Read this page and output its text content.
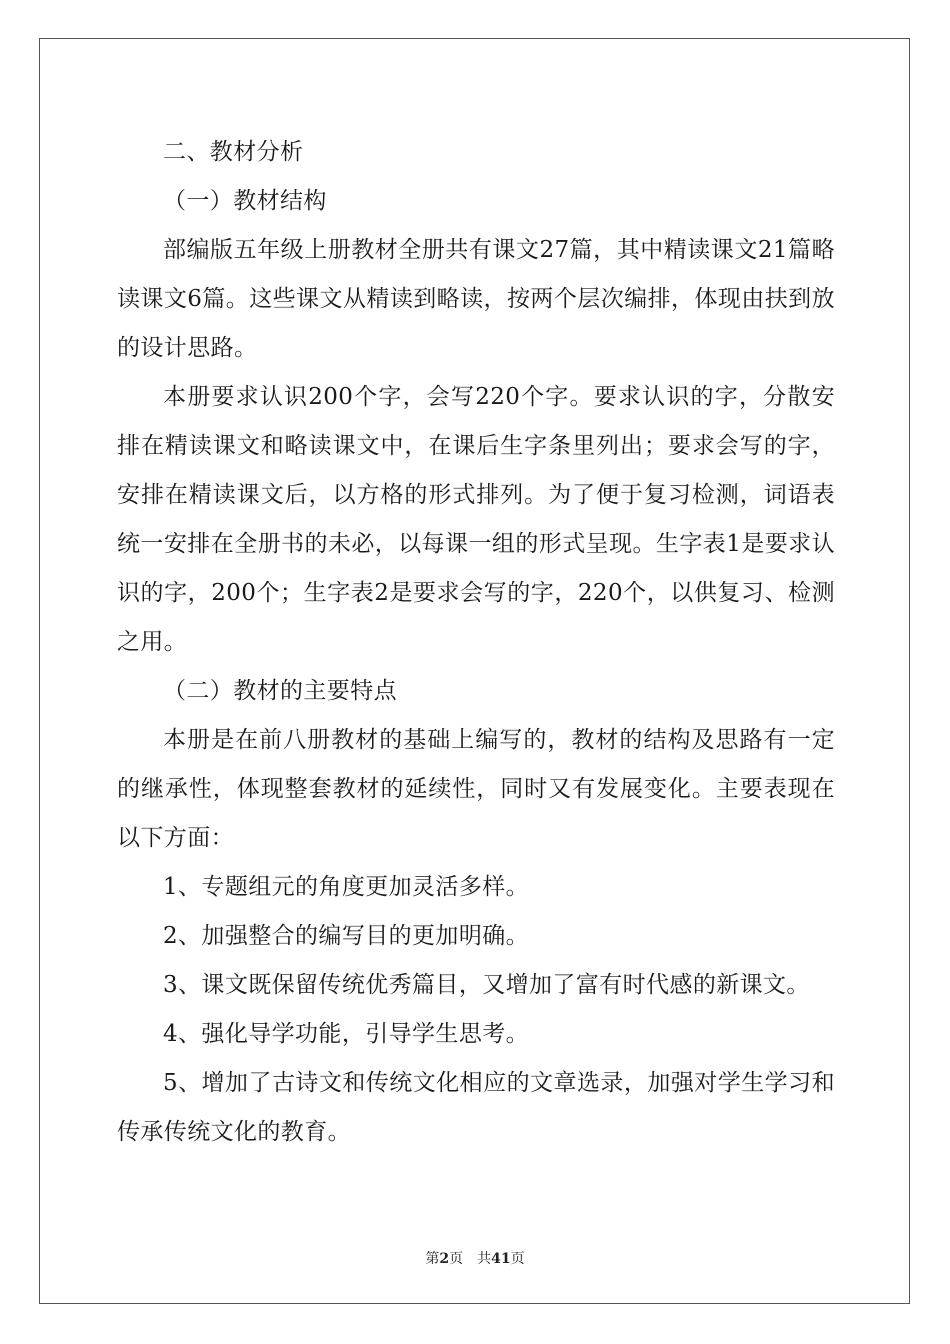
二、教材分析

（一）教材结构

部编版五年级上册教材全册共有课文27篇，其中精读课文21篇略读课文6篇。这些课文从精读到略读，按两个层次编排，体现由扶到放的设计思路。

本册要求认识200个字，会写220个字。要求认识的字，分散安排在精读课文和略读课文中，在课后生字条里列出；要求会写的字，安排在精读课文后，以方格的形式排列。为了便于复习检测，词语表统一安排在全册书的未必，以每课一组的形式呈现。生字表1是要求认识的字，200个；生字表2是要求会写的字，220个，以供复习、检测之用。

（二）教材的主要特点

本册是在前八册教材的基础上编写的，教材的结构及思路有一定的继承性，体现整套教材的延续性，同时又有发展变化。主要表现在以下方面：

1、专题组元的角度更加灵活多样。

2、加强整合的编写目的更加明确。

3、课文既保留传统优秀篇目，又增加了富有时代感的新课文。

4、强化导学功能，引导学生思考。

5、增加了古诗文和传统文化相应的文章选录，加强对学生学习和传承传统文化的教育。

第2页 共41页
